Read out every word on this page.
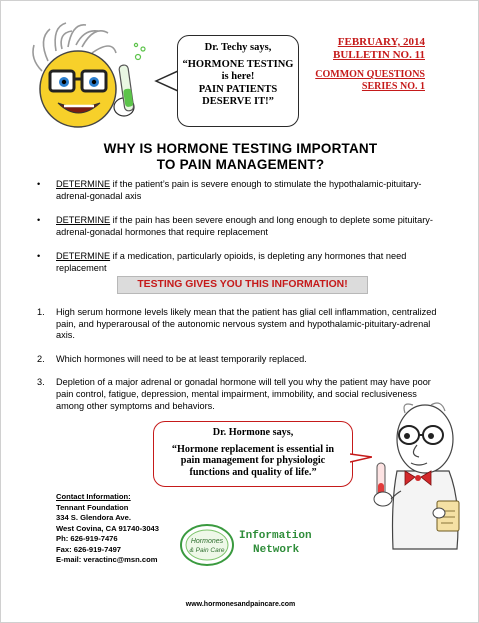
Dr. Techy says,
“HORMONE TESTING is here!
PAIN PATIENTS DESERVE IT!”
FEBRUARY, 2014
BULLETIN NO. 11
COMMON QUESTIONS
SERIES NO. 1
WHY IS HORMONE TESTING IMPORTANT
TO PAIN MANAGEMENT?
• DETERMINE if the patient’s pain is severe enough to stimulate the hypothalamic-pituitary-adrenal-gonadal axis
• DETERMINE if the pain has been severe enough and long enough to deplete some pituitary-adrenal-gonadal hormones that require replacement
• DETERMINE if a medication, particularly opioids, is depleting any hormones that need replacement
TESTING GIVES YOU THIS INFORMATION!
1. High serum hormone levels likely mean that the patient has glial cell inflammation, centralized pain, and hyperarousal of the autonomic nervous system and hypothalamic-pituitary-adrenal axis.
2. Which hormones will need to be at least temporarily replaced.
3. Depletion of a major adrenal or gonadal hormone will tell you why the patient may have poor pain control, fatigue, depression, mental impairment, immobility, and social reclusiveness among other symptoms and behaviors.
Dr. Hormone says,
“Hormone replacement is essential in pain management for physiologic functions and quality of life.”
Contact Information:
Tennant Foundation
334 S. Glendora Ave.
West Covina, CA 91740-3043
Ph: 626-919-7476
Fax: 626-919-7497
E-mail: veractinc@msn.com
Hormones
& Pain Care
Information
Network
www.hormonesandpaincare.com
